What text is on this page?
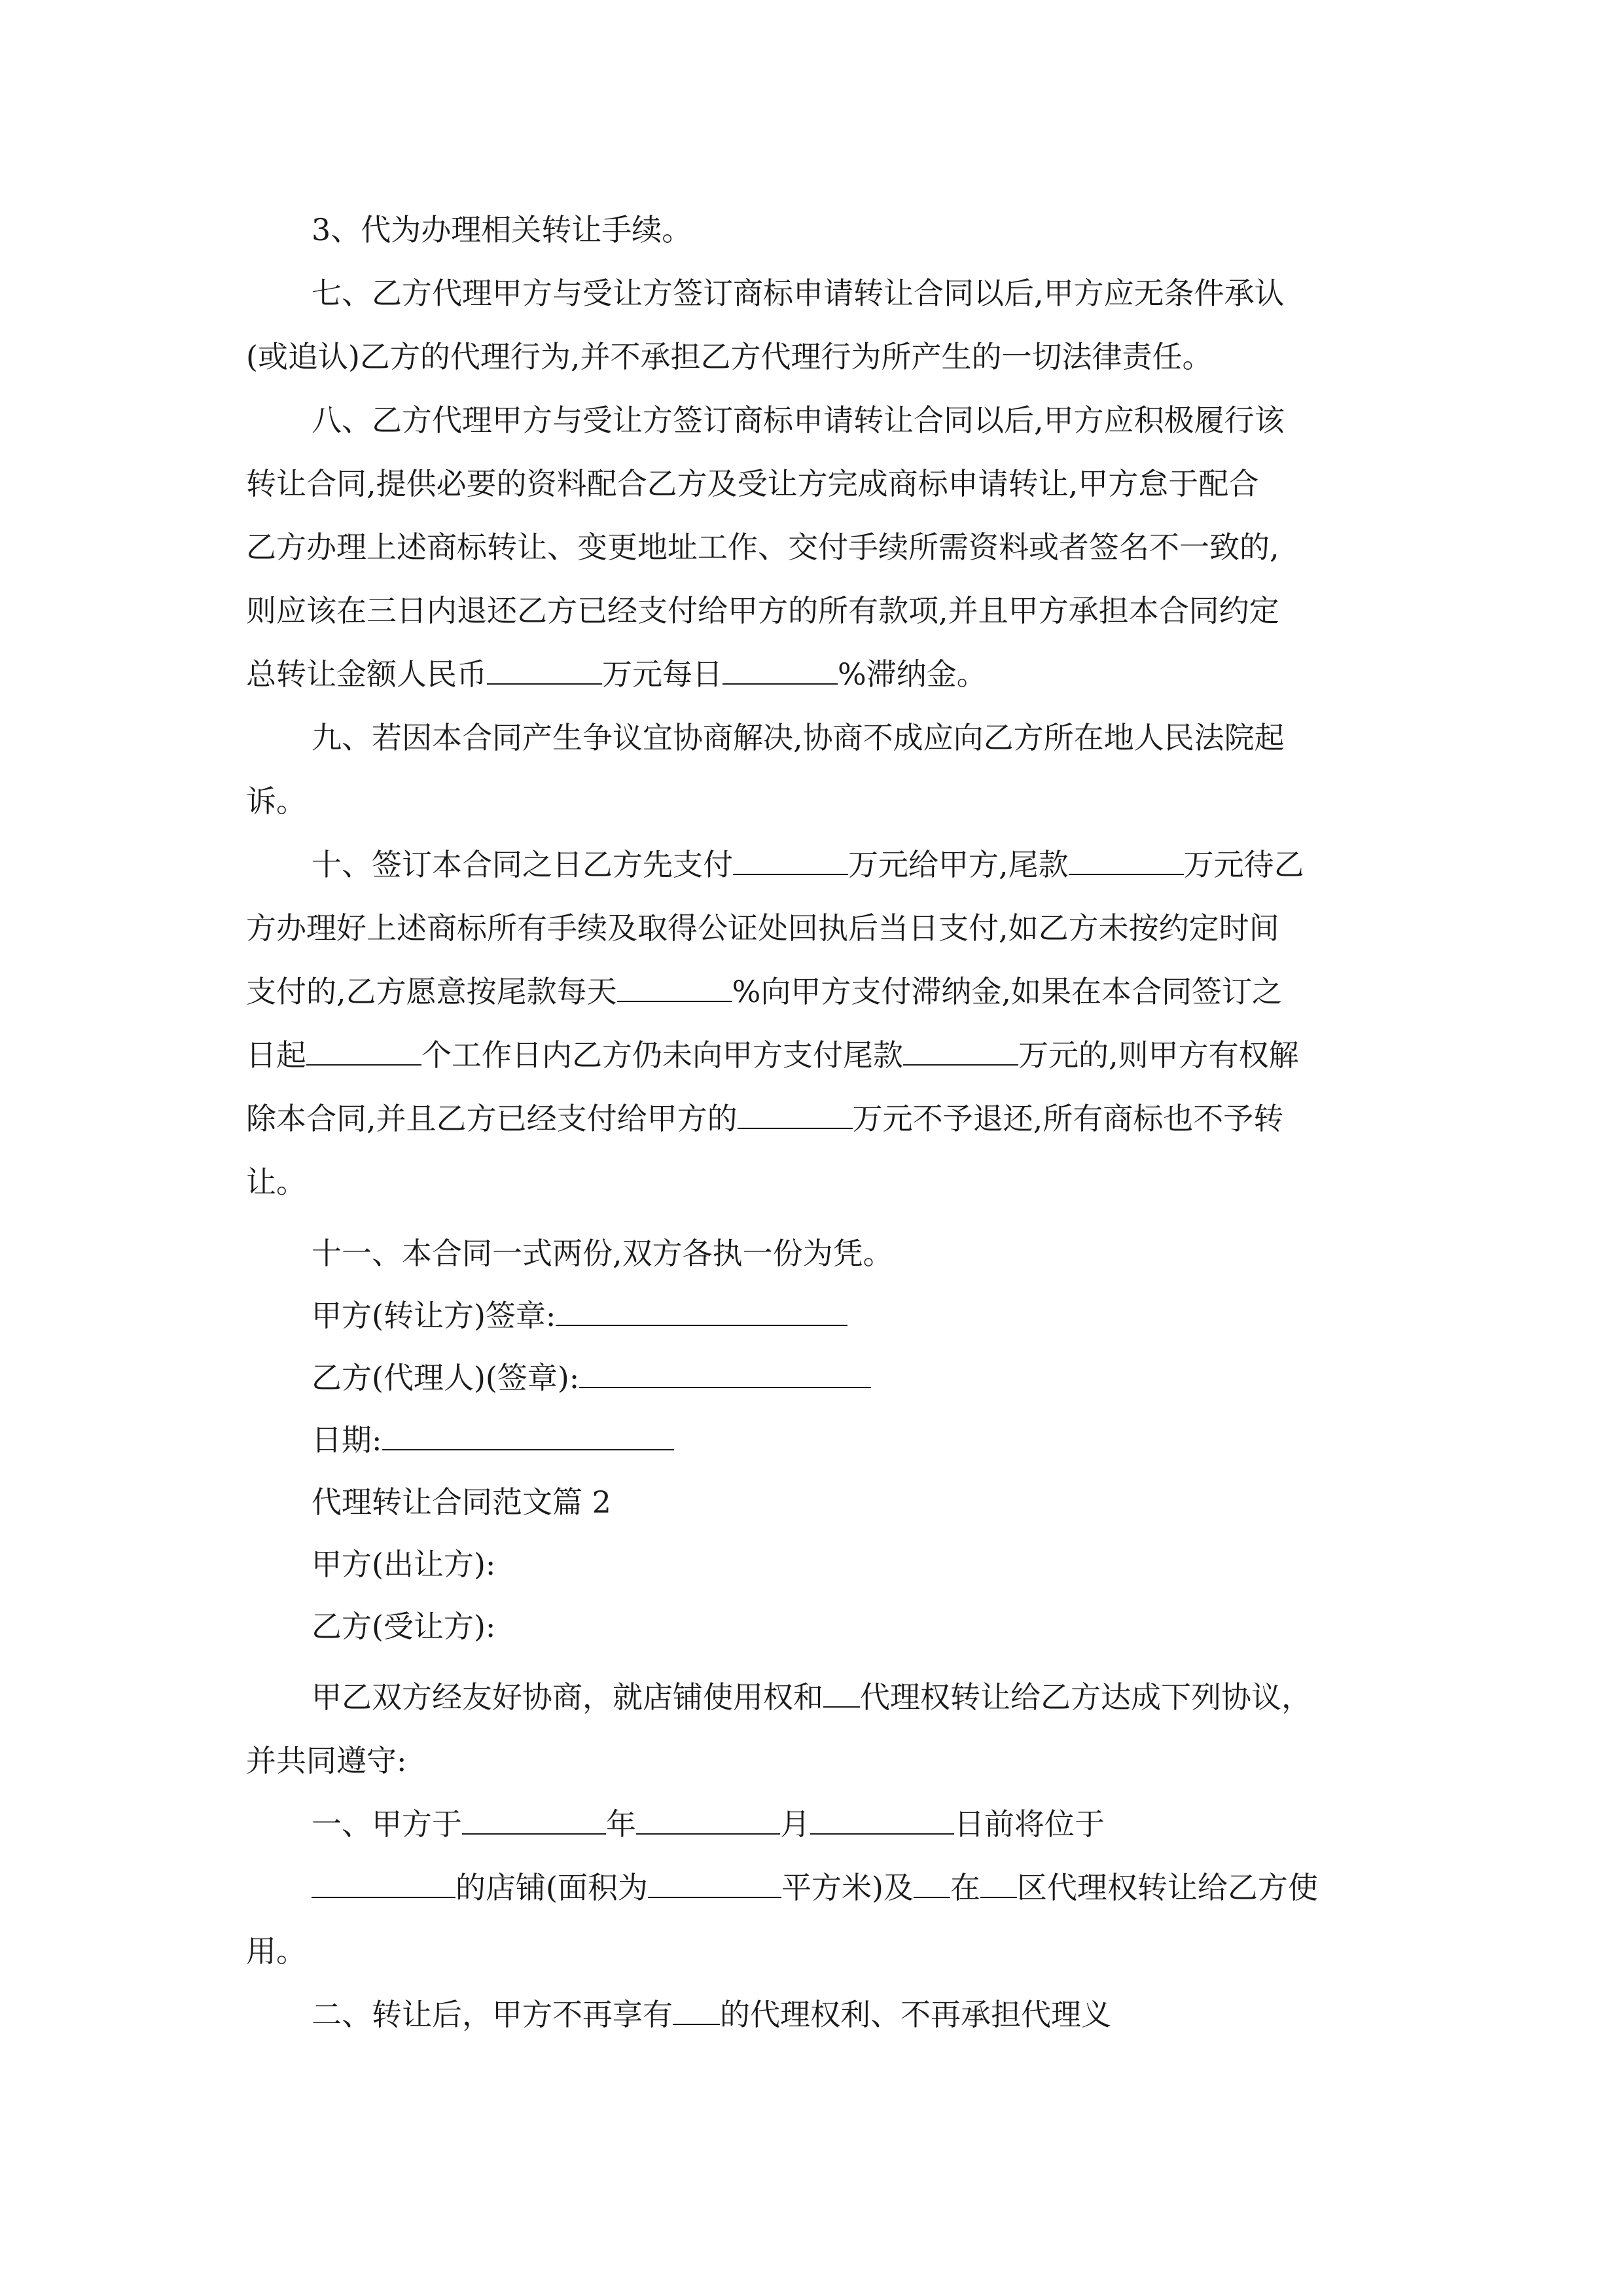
3、代为办理相关转让手续。
七、乙方代理甲方与受让方签订商标申请转让合同以后,甲方应无条件承认
(或追认)乙方的代理行为,并不承担乙方代理行为所产生的一切法律责任。
八、乙方代理甲方与受让方签订商标申请转让合同以后,甲方应积极履行该
转让合同,提供必要的资料配合乙方及受让方完成商标申请转让,甲方怠于配合
乙方办理上述商标转让、变更地址工作、交付手续所需资料或者签名不一致的,
则应该在三日内退还乙方已经支付给甲方的所有款项,并且甲方承担本合同约定
总转让金额人民币	万元每日	%滞纳金。
九、若因本合同产生争议宜协商解决,协商不成应向乙方所在地人民法院起
诉。
十、签订本合同之日乙方先支付	万元给甲方,尾款	万元待乙
方办理好上述商标所有手续及取得公证处回执后当日支付,如乙方未按约定时间
支付的,乙方愿意按尾款每天	%向甲方支付滞纳金,如果在本合同签订之
日起	个工作日内乙方仍未向甲方支付尾款	万元的,则甲方有权解
除本合同,并且乙方已经支付给甲方的	万元不予退还,所有商标也不予转
让。
十一、本合同一式两份,双方各执一份为凭。
甲方(转让方)签章:
乙方(代理人)(签章):
日期:
代理转让合同范文篇 2
甲方(出让方):
乙方(受让方):
甲乙双方经友好协商，就店铺使用权和 代理权转让给乙方达成下列协议，
并共同遵守:
一、甲方于	年	月	日前将位于
的店铺(面积为	平方米)及 在 区代理权转让给乙方使
用。
二、转让后，甲方不再享有 的代理权利、不再承担代理义
